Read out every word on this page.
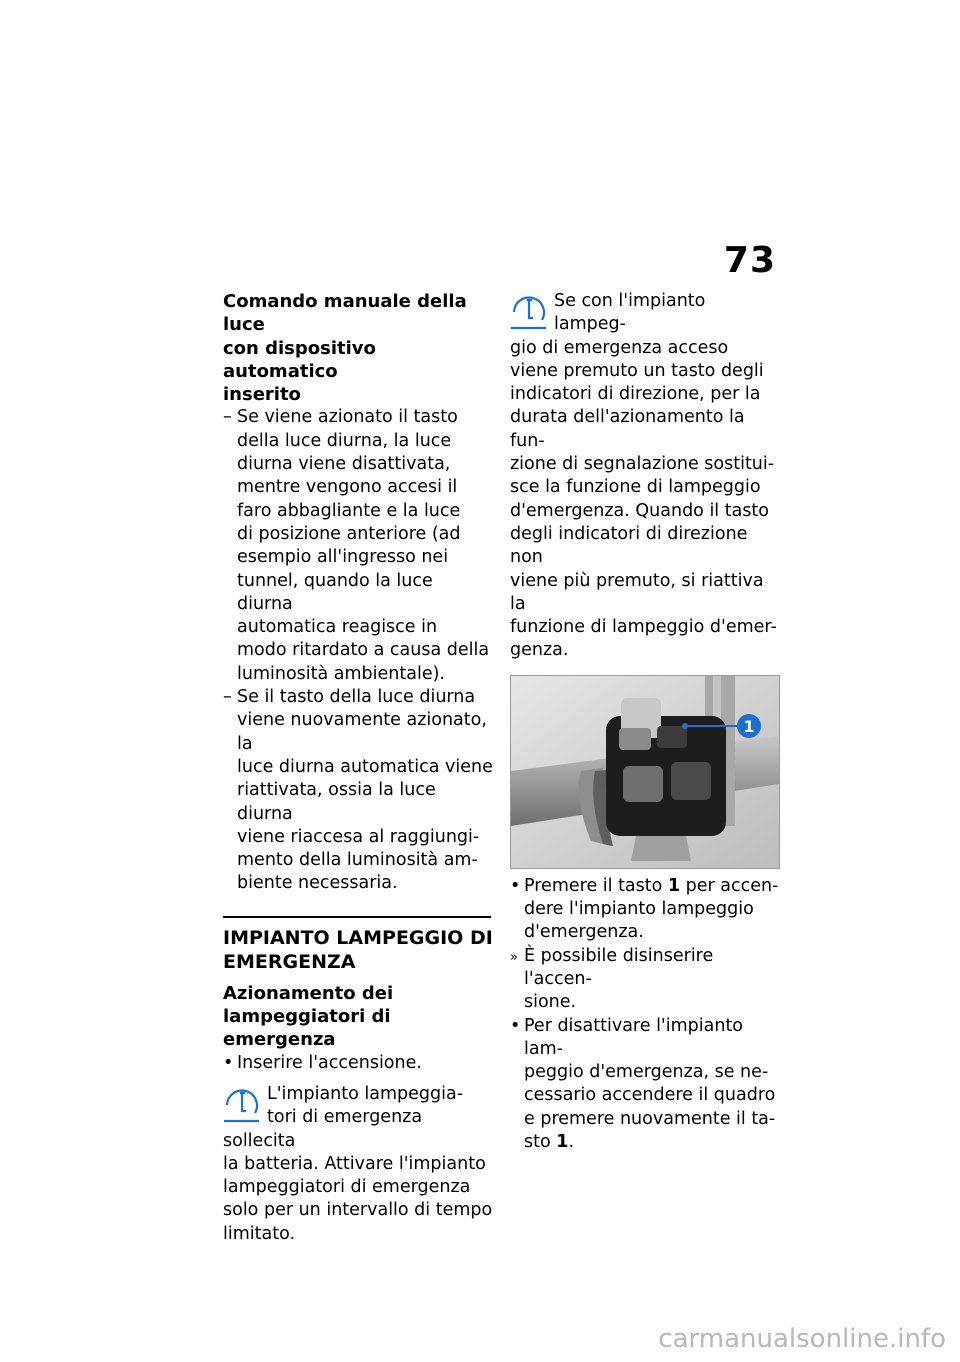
73
Comando manuale della luce
con dispositivo automatico
inserito
– Se viene azionato il tasto
della luce diurna, la luce
diurna viene disattivata,
mentre vengono accesi il
faro abbagliante e la luce
di posizione anteriore (ad
esempio all'ingresso nei
tunnel, quando la luce diurna
automatica reagisce in
modo ritardato a causa della
luminosità ambientale).
– Se il tasto della luce diurna
viene nuovamente azionato, la
luce diurna automatica viene
riattivata, ossia la luce diurna
viene riaccesa al raggiungi-
mento della luminosità am-
biente necessaria.
IMPIANTO LAMPEGGIO DI
EMERGENZA
Azionamento dei
lampeggiatori di emergenza
• Inserire l'accensione.

L'impianto lampeggia-

tori di emergenza sollecita

la batteria. Attivare l'impianto

lampeggiatori di emergenza

solo per un intervallo di tempo

limitato.

Se con l'impianto lampeg-

gio di emergenza acceso

viene premuto un tasto degli

indicatori di direzione, per la

durata dell'azionamento la fun-

zione di segnalazione sostitui-

sce la funzione di lampeggio

d'emergenza. Quando il tasto

degli indicatori di direzione non

viene più premuto, si riattiva la

funzione di lampeggio d'emer-

genza.

1
• Premere il tasto 1 per accen-
dere l'impianto lampeggio
d'emergenza.
» È possibile disinserire l'accen-
sione.
• Per disattivare l'impianto lam-
peggio d'emergenza, se ne-
cessario accendere il quadro
e premere nuovamente il ta-
sto 1.
carmanualsonline.info
